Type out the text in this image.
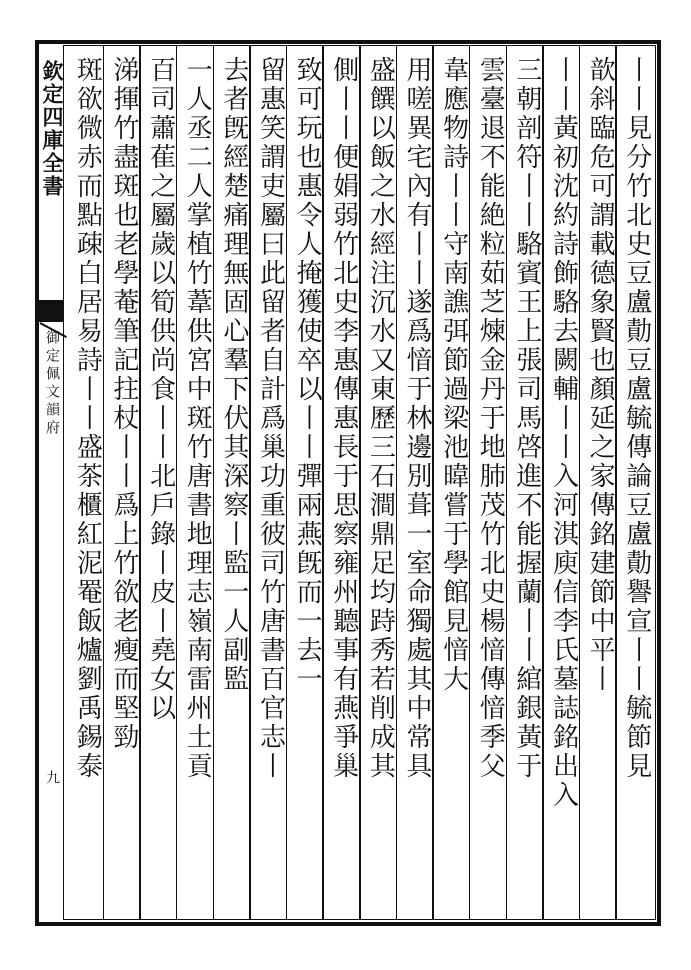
欽定四庫全書
御定佩文韻府
九	丨丨見分竹北史豆盧勣豆盧毓傳論豆盧勣譽宣丨丨毓節見
歆斜臨危可謂載德象賢也顏延之家傳銘建節中平丨
丨丨黃初沈約詩飾駱去闕輔丨丨入河淇庾信李氏墓誌銘出入
三朝剖符丨丨駱賓王上張司馬啓進不能握蘭丨丨綰銀黃于
雲臺退不能絶粒茹芝煉金丹于地肺茂竹北史楊愔傳愔季父
韋應物詩丨丨守南譙弭節過梁池暐嘗于學館見愔大
用嗟異宅內有丨丨遂爲愔于林邊別葺一室命獨處其中常具
盛饌以飯之水經注沉水又東歷三石澗鼎足均跱秀若削成其
側丨丨便娟弱竹北史李惠傳惠長于思察雍州聽事有燕爭巢
致可玩也惠令人掩獲使卒以丨丨彈兩燕旣而一去一
留惠笑謂吏屬曰此留者自計爲巢功重彼司竹唐書百官志丨
去者旣經楚痛理無固心羣下伏其深察丨監一人副監
一人丞二人掌植竹葦供宮中斑竹唐書地理志嶺南雷州土貢
百司蕭萑之屬歲以筍供尚食丨丨北戶錄丨皮丨堯女以
涕揮竹盡斑也老學菴筆記拄杖丨丨爲上竹欲老瘦而堅勁
斑欲微赤而點疎白居易詩丨丨盛茶櫃紅泥罨飯爐劉禹錫泰
